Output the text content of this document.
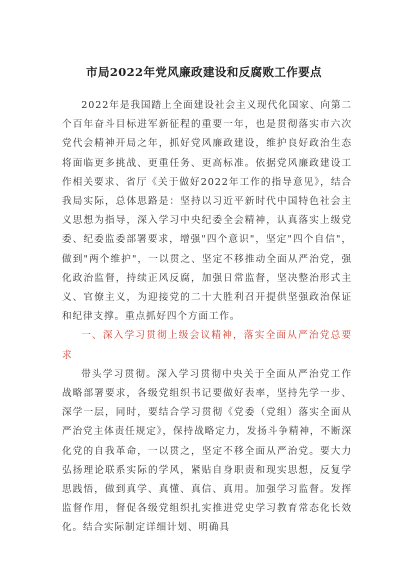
市局2022年党风廉政建设和反腐败工作要点

2022年是我国踏上全面建设社会主义现代化国家、向第二个百年奋斗目标进军新征程的重要一年，也是贯彻落实市六次党代会精神开局之年，抓好党风廉政建设，维护良好政治生态将面临更多挑战、更重任务、更高标准。依据党风廉政建设工作相关要求、省厅《关于做好2022年工作的指导意见》，结合我局实际，总体思路是：坚持以习近平新时代中国特色社会主义思想为指导，深入学习中央纪委全会精神，认真落实上级党委、纪委监委部署要求，增强"四个意识"，坚定"四个自信"，做到"两个维护"，一以贯之、坚定不移推动全面从严治党，强化政治监督，持续正风反腐，加强日常监督，坚决整治形式主义、官僚主义，为迎接党的二十大胜利召开提供坚强政治保证和纪律支撑。重点抓好四个方面工作。

一、深入学习贯彻上级会议精神，落实全面从严治党总要求

带头学习贯彻。深入学习贯彻中央关于全面从严治党工作战略部署要求，各级党组织书记要做好表率，坚持先学一步、深学一层，同时，要结合学习贯彻《党委（党组）落实全面从严治党主体责任规定》，保持战略定力，发扬斗争精神，不断深化党的自我革命，一以贯之，坚定不移全面从严治党。要大力弘扬理论联系实际的学风，紧贴自身职责和现实思想，反复学思践悟，做到真学、真懂、真信、真用。加强学习监督。发挥监督作用，督促各级党组织扎实推进党史学习教育常态化长效化。结合实际制定详细计划、明确具
